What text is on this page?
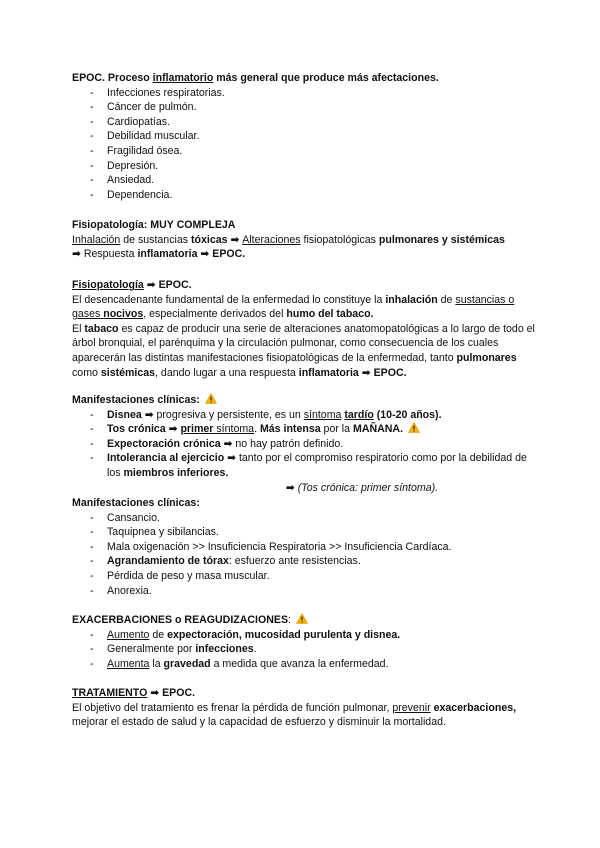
EPOC. Proceso inflamatorio más general que produce más afectaciones.

- Infecciones respiratorias.
- Cáncer de pulmón.
- Cardiopatías.
- Debilidad muscular.
- Fragilidad ósea.
- Depresión.
- Ansiedad.
- Dependencia.

Fisiopatología: MUY COMPLEJA

Inhalación de sustancias tóxicas ➡ Alteraciones fisiopatológicas pulmonares y sistémicas

➡ Respuesta inflamatoria ➡ EPOC.

Fisiopatología ➡ EPOC.

El desencadenante fundamental de la enfermedad lo constituye la inhalación de sustancias o gases nocivos, especialmente derivados del humo del tabaco.

El tabaco es capaz de producir una serie de alteraciones anatomopatológicas a lo largo de todo el árbol bronquial, el parénquima y la circulación pulmonar, como consecuencia de los cuales aparecerán las distintas manifestaciones fisiopatológicas de la enfermedad, tanto pulmonares como sistémicas, dando lugar a una respuesta inflamatoria ➡ EPOC.

Manifestaciones clínicas:

- Disnea ➡ progresiva y persistente, es un síntoma tardío (10-20 años).
- Tos crónica ➡ primer síntoma. Más intensa por la MAÑANA.
- Expectoración crónica ➡ no hay patrón definido.
- Intolerancia al ejercicio ➡ tanto por el compromiso respiratorio como por la debilidad de los miembros inferiores.

➡ (Tos crónica: primer síntoma).

Manifestaciones clínicas:

- Cansancio.
- Taquipnea y sibilancias.
- Mala oxigenación >> Insuficiencia Respiratoria >> Insuficiencia Cardíaca.
- Agrandamiento de tórax: esfuerzo ante resistencias.
- Pérdida de peso y masa muscular.
- Anorexia.

EXACERBACIONES o REAGUDIZACIONES:

- Aumento de expectoración, mucosidad purulenta y disnea.
- Generalmente por infecciones.
- Aumenta la gravedad a medida que avanza la enfermedad.

TRATAMIENTO ➡ EPOC.

El objetivo del tratamiento es frenar la pérdida de función pulmonar, prevenir exacerbaciones, mejorar el estado de salud y la capacidad de esfuerzo y disminuir la mortalidad.
